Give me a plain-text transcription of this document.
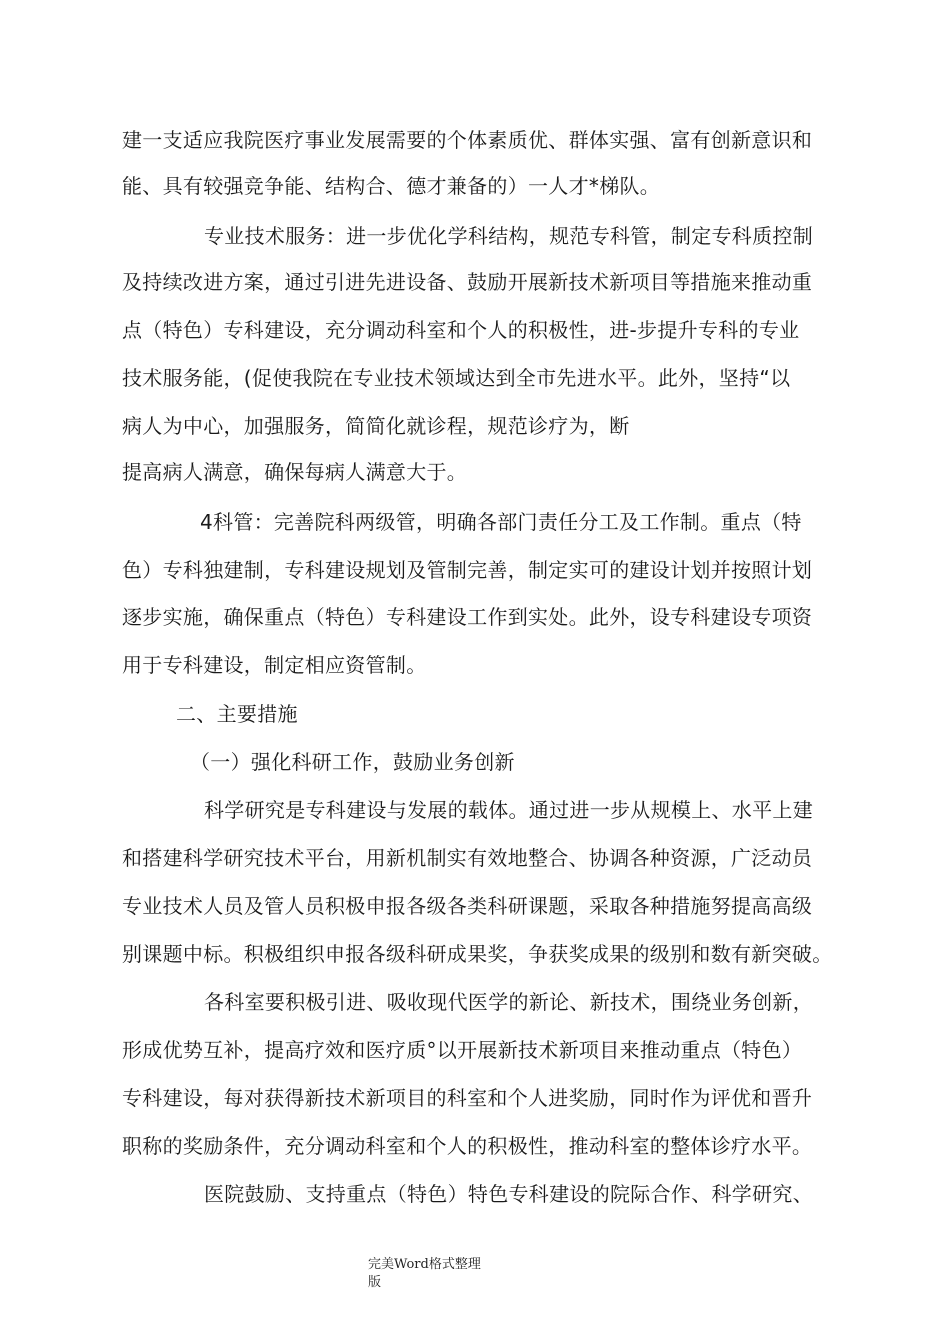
建一支适应我院医疗事业发展需要的个体素质优、群体实强、富有创新意识和
能、具有较强竞争能、结构合、德才兼备的）一人才*梯队。
专业技术服务：进一步优化学科结构，规范专科管，制定专科质控制
及持续改进方案，通过引进先进设备、鼓励开展新技术新项目等措施来推动重
点（特色）专科建设，充分调动科室和个人的积极性，进-步提升专科的专业
技术服务能，(促使我院在专业技术领域达到全市先进水平。此外，坚持“以
病人为中心，加强服务，简简化就诊程，规范诊疗为，断
提高病人满意，确保每病人满意大于。
4科管：完善院科两级管，明确各部门责任分工及工作制。重点（特
色）专科独建制，专科建设规划及管制完善，制定实可的建设计划并按照计划
逐步实施，确保重点（特色）专科建设工作到实处。此外，设专科建设专项资
用于专科建设，制定相应资管制。
二、主要措施
（一）强化科研工作，鼓励业务创新
科学研究是专科建设与发展的载体。通过进一步从规模上、水平上建
和搭建科学研究技术平台，用新机制实有效地整合、协调各种资源，广泛动员
专业技术人员及管人员积极申报各级各类科研课题，采取各种措施努提高高级
别课题中标。积极组织申报各级科研成果奖，争获奖成果的级别和数有新突破。
各科室要积极引进、吸收现代医学的新论、新技术，围绕业务创新，
形成优势互补，提高疗效和医疗质°以开展新技术新项目来推动重点（特色）
专科建设，每对获得新技术新项目的科室和个人进奖励，同时作为评优和晋升
职称的奖励条件，充分调动科室和个人的积极性，推动科室的整体诊疗水平。
医院鼓励、支持重点（特色）特色专科建设的院际合作、科学研究、
完美Word格式整理
版
